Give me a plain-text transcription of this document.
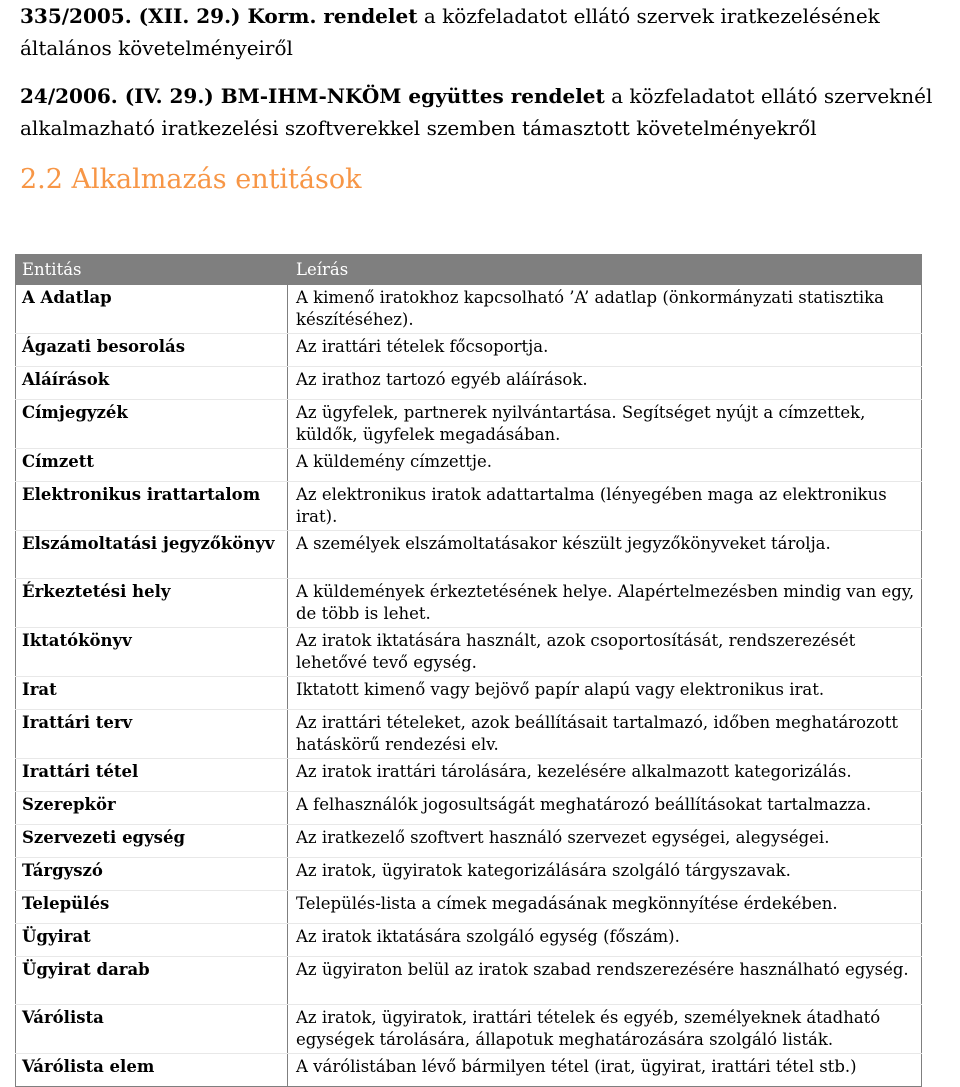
335/2005. (XII. 29.) Korm. rendelet a közfeladatot ellátó szervek iratkezelésének

általános követelményeiről

24/2006. (IV. 29.) BM-IHM-NKÖM együttes rendelet a közfeladatot ellátó szerveknél

alkalmazható iratkezelési szoftverekkel szemben támasztott követelményekről

2.2 Alkalmazás entitások
Entitás	Leírás
A Adatlap	A kimenő iratokhoz kapcsolható ’A’ adatlap (önkormányzati statisztika készítéséhez).
Ágazati besorolás	Az irattári tételek főcsoportja.
Aláírások	Az irathoz tartozó egyéb aláírások.
Címjegyzék	Az ügyfelek, partnerek nyilvántartása. Segítséget nyújt a címzettek, küldők, ügyfelek megadásában.
Címzett	A küldemény címzettje.
Elektronikus irattartalom	Az elektronikus iratok adattartalma (lényegében maga az elektronikus irat).
Elszámoltatási jegyzőkönyv	A személyek elszámoltatásakor készült jegyzőkönyveket tárolja.
Érkeztetési hely	A küldemények érkeztetésének helye. Alapértelmezésben mindig van egy, de több is lehet.
Iktatókönyv	Az iratok iktatására használt, azok csoportosítását, rendszerezését lehetővé tevő egység.
Irat	Iktatott kimenő vagy bejövő papír alapú vagy elektronikus irat.
Irattári terv	Az irattári tételeket, azok beállításait tartalmazó, időben meghatározott hatáskörű rendezési elv.
Irattári tétel	Az iratok irattári tárolására, kezelésére alkalmazott kategorizálás.
Szerepkör	A felhasználók jogosultságát meghatározó beállításokat tartalmazza.
Szervezeti egység	Az iratkezelő szoftvert használó szervezet egységei, alegységei.
Tárgyszó	Az iratok, ügyiratok kategorizálására szolgáló tárgyszavak.
Település	Település-lista a címek megadásának megkönnyítése érdekében.
Ügyirat	Az iratok iktatására szolgáló egység (főszám).
Ügyirat darab	Az ügyiraton belül az iratok szabad rendszerezésére használható egység.
Várólista	Az iratok, ügyiratok, irattári tételek és egyéb, személyeknek átadható egységek tárolására, állapotuk meghatározására szolgáló listák.
Várólista elem	A várólistában lévő bármilyen tétel (irat, ügyirat, irattári tétel stb.)
